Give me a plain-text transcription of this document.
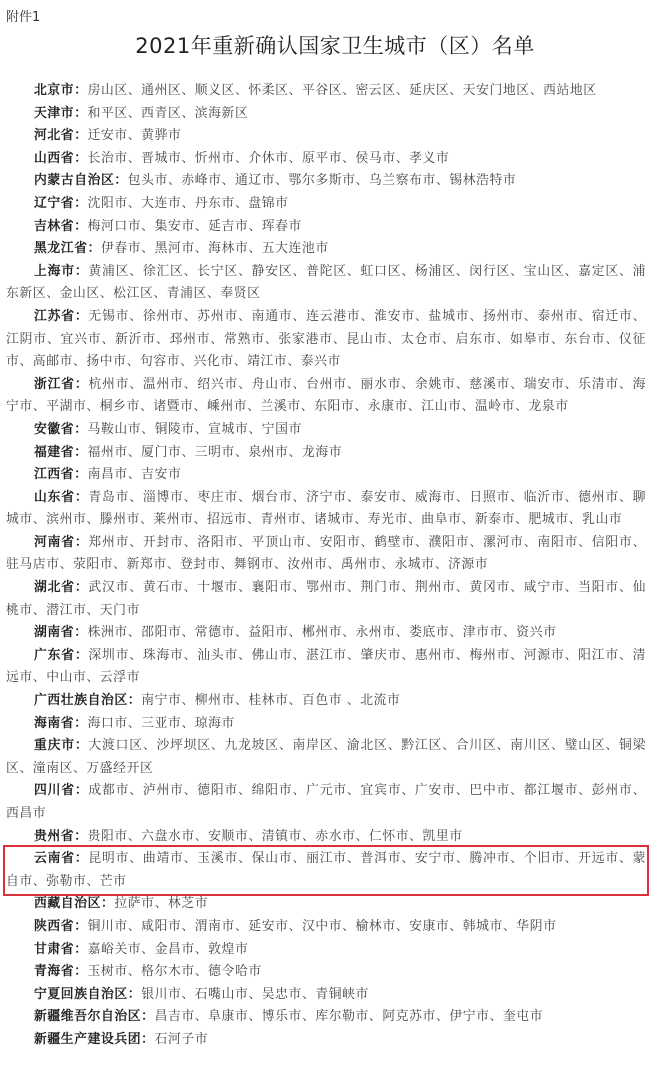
附件1
2021年重新确认国家卫生城市（区）名单

北京市：房山区、通州区、顺义区、怀柔区、平谷区、密云区、延庆区、天安门地区、西站地区

天津市：和平区、西青区、滨海新区

河北省：迁安市、黄骅市

山西省：长治市、晋城市、忻州市、介休市、原平市、侯马市、孝义市

内蒙古自治区：包头市、赤峰市、通辽市、鄂尔多斯市、乌兰察布市、锡林浩特市

辽宁省：沈阳市、大连市、丹东市、盘锦市

吉林省：梅河口市、集安市、延吉市、珲春市

黑龙江省：伊春市、黑河市、海林市、五大连池市

上海市：黄浦区、徐汇区、长宁区、静安区、普陀区、虹口区、杨浦区、闵行区、宝山区、嘉定区、浦东新区、金山区、松江区、青浦区、奉贤区

江苏省：无锡市、徐州市、苏州市、南通市、连云港市、淮安市、盐城市、扬州市、泰州市、宿迁市、江阴市、宜兴市、新沂市、邳州市、常熟市、张家港市、昆山市、太仓市、启东市、如皋市、东台市、仪征市、高邮市、扬中市、句容市、兴化市、靖江市、泰兴市

浙江省：杭州市、温州市、绍兴市、舟山市、台州市、丽水市、余姚市、慈溪市、瑞安市、乐清市、海宁市、平湖市、桐乡市、诸暨市、嵊州市、兰溪市、东阳市、永康市、江山市、温岭市、龙泉市

安徽省：马鞍山市、铜陵市、宣城市、宁国市

福建省：福州市、厦门市、三明市、泉州市、龙海市

江西省：南昌市、吉安市

山东省：青岛市、淄博市、枣庄市、烟台市、济宁市、泰安市、威海市、日照市、临沂市、德州市、聊城市、滨州市、滕州市、莱州市、招远市、青州市、诸城市、寿光市、曲阜市、新泰市、肥城市、乳山市

河南省：郑州市、开封市、洛阳市、平顶山市、安阳市、鹤壁市、濮阳市、漯河市、南阳市、信阳市、驻马店市、荥阳市、新郑市、登封市、舞钢市、汝州市、禹州市、永城市、济源市

湖北省：武汉市、黄石市、十堰市、襄阳市、鄂州市、荆门市、荆州市、黄冈市、咸宁市、当阳市、仙桃市、潜江市、天门市

湖南省：株洲市、邵阳市、常德市、益阳市、郴州市、永州市、娄底市、津市市、资兴市

广东省：深圳市、珠海市、汕头市、佛山市、湛江市、肇庆市、惠州市、梅州市、河源市、阳江市、清远市、中山市、云浮市

广西壮族自治区：南宁市、柳州市、桂林市、百色市 、北流市

海南省：海口市、三亚市、琼海市

重庆市：大渡口区、沙坪坝区、九龙坡区、南岸区、渝北区、黔江区、合川区、南川区、璧山区、铜梁区、潼南区、万盛经开区

四川省：成都市、泸州市、德阳市、绵阳市、广元市、宜宾市、广安市、巴中市、都江堰市、彭州市、西昌市

贵州省：贵阳市、六盘水市、安顺市、清镇市、赤水市、仁怀市、凯里市

云南省：昆明市、曲靖市、玉溪市、保山市、丽江市、普洱市、安宁市、腾冲市、个旧市、开远市、蒙自市、弥勒市、芒市

西藏自治区：拉萨市、林芝市

陕西省：铜川市、咸阳市、渭南市、延安市、汉中市、榆林市、安康市、韩城市、华阴市

甘肃省：嘉峪关市、金昌市、敦煌市

青海省：玉树市、格尔木市、德令哈市

宁夏回族自治区：银川市、石嘴山市、吴忠市、青铜峡市

新疆维吾尔自治区：昌吉市、阜康市、博乐市、库尔勒市、阿克苏市、伊宁市、奎屯市

新疆生产建设兵团：石河子市
